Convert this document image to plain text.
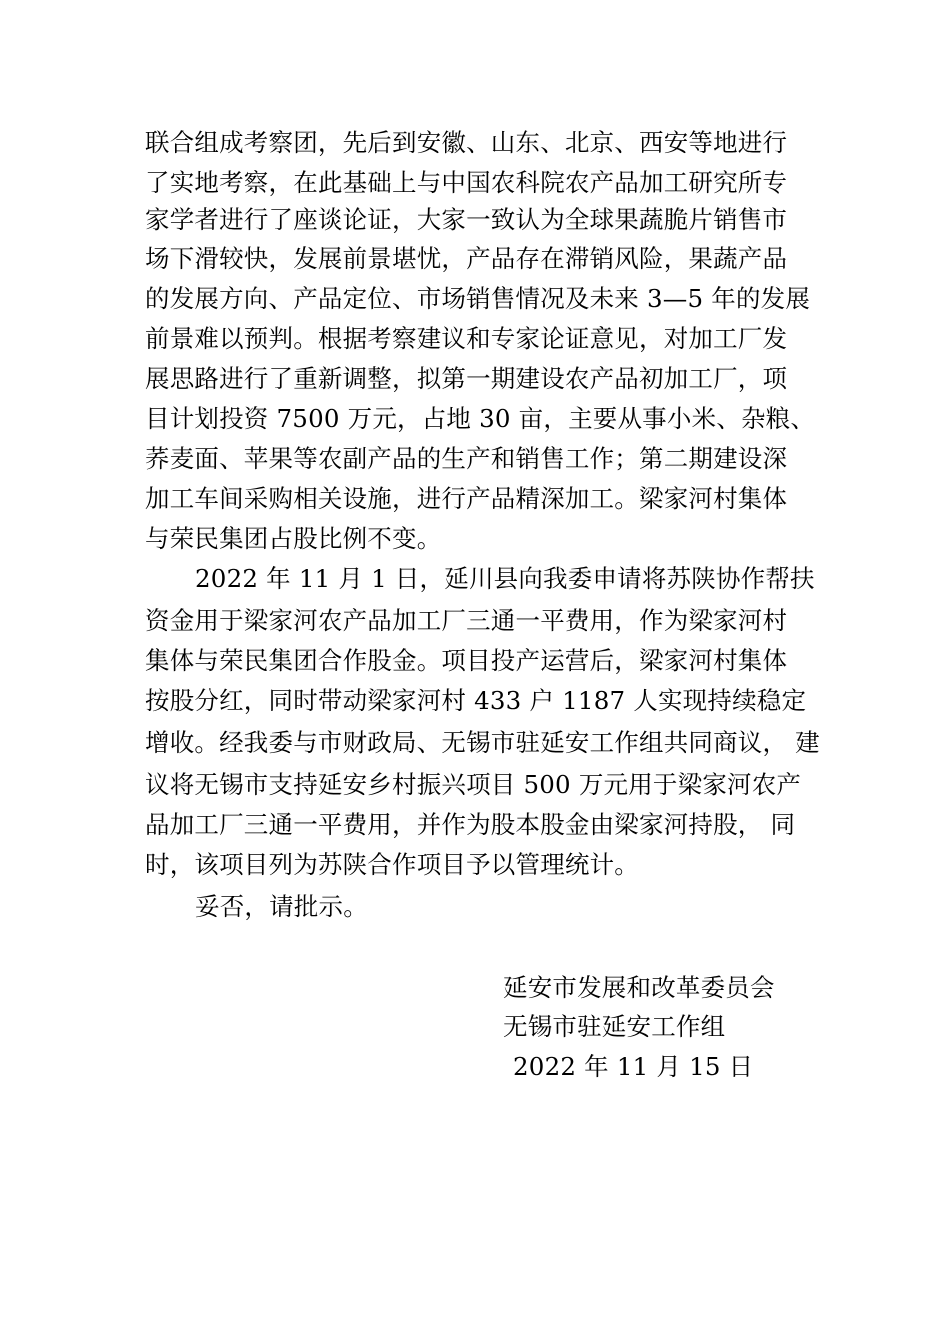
联合组成考察团，先后到安徽、山东、北京、西安等地进行
了实地考察，在此基础上与中国农科院农产品加工研究所专
家学者进行了座谈论证，大家一致认为全球果蔬脆片销售市
场下滑较快，发展前景堪忧，产品存在滞销风险，果蔬产品
的发展方向、产品定位、市场销售情况及未来 3—5 年的发展
前景难以预判。根据考察建议和专家论证意见，对加工厂发
展思路进行了重新调整，拟第一期建设农产品初加工厂，项
目计划投资 7500 万元，占地 30 亩，主要从事小米、杂粮、
荞麦面、苹果等农副产品的生产和销售工作；第二期建设深
加工车间采购相关设施，进行产品精深加工。梁家河村集体
与荣民集团占股比例不变。
2022 年 11 月 1 日，延川县向我委申请将苏陕协作帮扶
资金用于梁家河农产品加工厂三通一平费用，作为梁家河村
集体与荣民集团合作股金。项目投产运营后，梁家河村集体
按股分红，同时带动梁家河村 433 户 1187 人实现持续稳定
增收。经我委与市财政局、无锡市驻延安工作组共同商议， 建
议将无锡市支持延安乡村振兴项目 500 万元用于梁家河农产
品加工厂三通一平费用，并作为股本股金由梁家河持股， 同
时，该项目列为苏陕合作项目予以管理统计。
妥否，请批示。
延安市发展和改革委员会
无锡市驻延安工作组
2022 年 11 月 15 日
